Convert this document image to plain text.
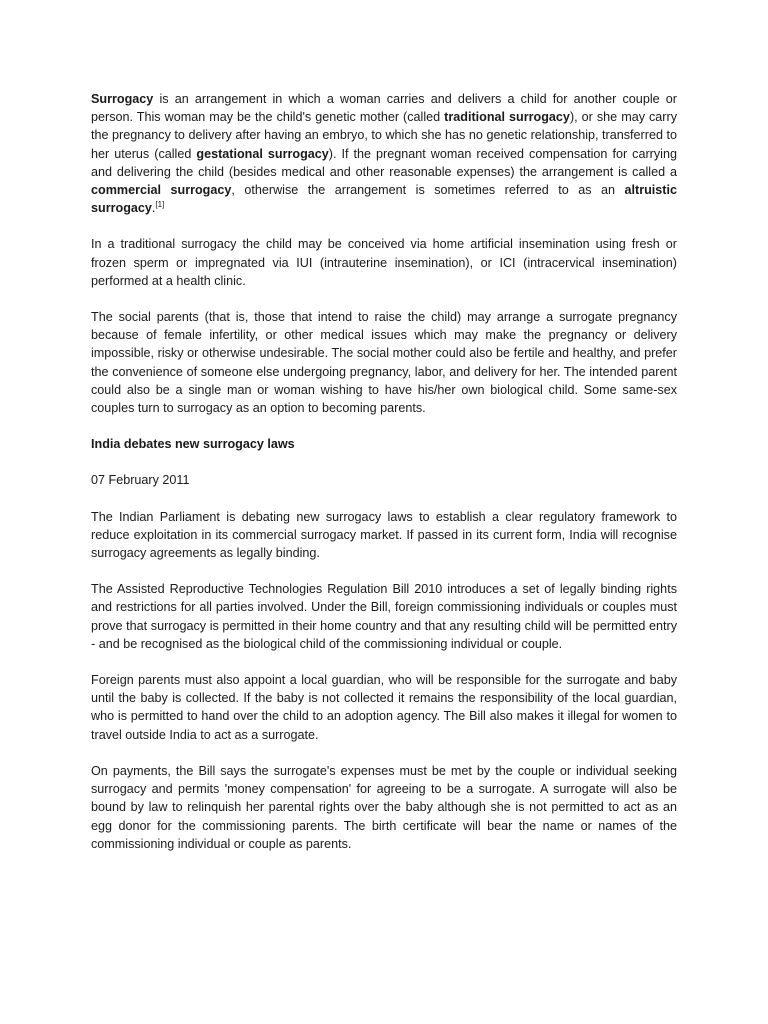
Surrogacy is an arrangement in which a woman carries and delivers a child for another couple or person. This woman may be the child's genetic mother (called traditional surrogacy), or she may carry the pregnancy to delivery after having an embryo, to which she has no genetic relationship, transferred to her uterus (called gestational surrogacy). If the pregnant woman received compensation for carrying and delivering the child (besides medical and other reasonable expenses) the arrangement is called a commercial surrogacy, otherwise the arrangement is sometimes referred to as an altruistic surrogacy.[1]

In a traditional surrogacy the child may be conceived via home artificial insemination using fresh or frozen sperm or impregnated via IUI (intrauterine insemination), or ICI (intracervical insemination) performed at a health clinic.

The social parents (that is, those that intend to raise the child) may arrange a surrogate pregnancy because of female infertility, or other medical issues which may make the pregnancy or delivery impossible, risky or otherwise undesirable. The social mother could also be fertile and healthy, and prefer the convenience of someone else undergoing pregnancy, labor, and delivery for her. The intended parent could also be a single man or woman wishing to have his/her own biological child. Some same-sex couples turn to surrogacy as an option to becoming parents.

India debates new surrogacy laws

07 February 2011

The Indian Parliament is debating new surrogacy laws to establish a clear regulatory framework to reduce exploitation in its commercial surrogacy market. If passed in its current form, India will recognise surrogacy agreements as legally binding.

The Assisted Reproductive Technologies Regulation Bill 2010 introduces a set of legally binding rights and restrictions for all parties involved. Under the Bill, foreign commissioning individuals or couples must prove that surrogacy is permitted in their home country and that any resulting child will be permitted entry - and be recognised as the biological child of the commissioning individual or couple.

Foreign parents must also appoint a local guardian, who will be responsible for the surrogate and baby until the baby is collected. If the baby is not collected it remains the responsibility of the local guardian, who is permitted to hand over the child to an adoption agency. The Bill also makes it illegal for women to travel outside India to act as a surrogate.

On payments, the Bill says the surrogate's expenses must be met by the couple or individual seeking surrogacy and permits 'money compensation' for agreeing to be a surrogate. A surrogate will also be bound by law to relinquish her parental rights over the baby although she is not permitted to act as an egg donor for the commissioning parents. The birth certificate will bear the name or names of the commissioning individual or couple as parents.
